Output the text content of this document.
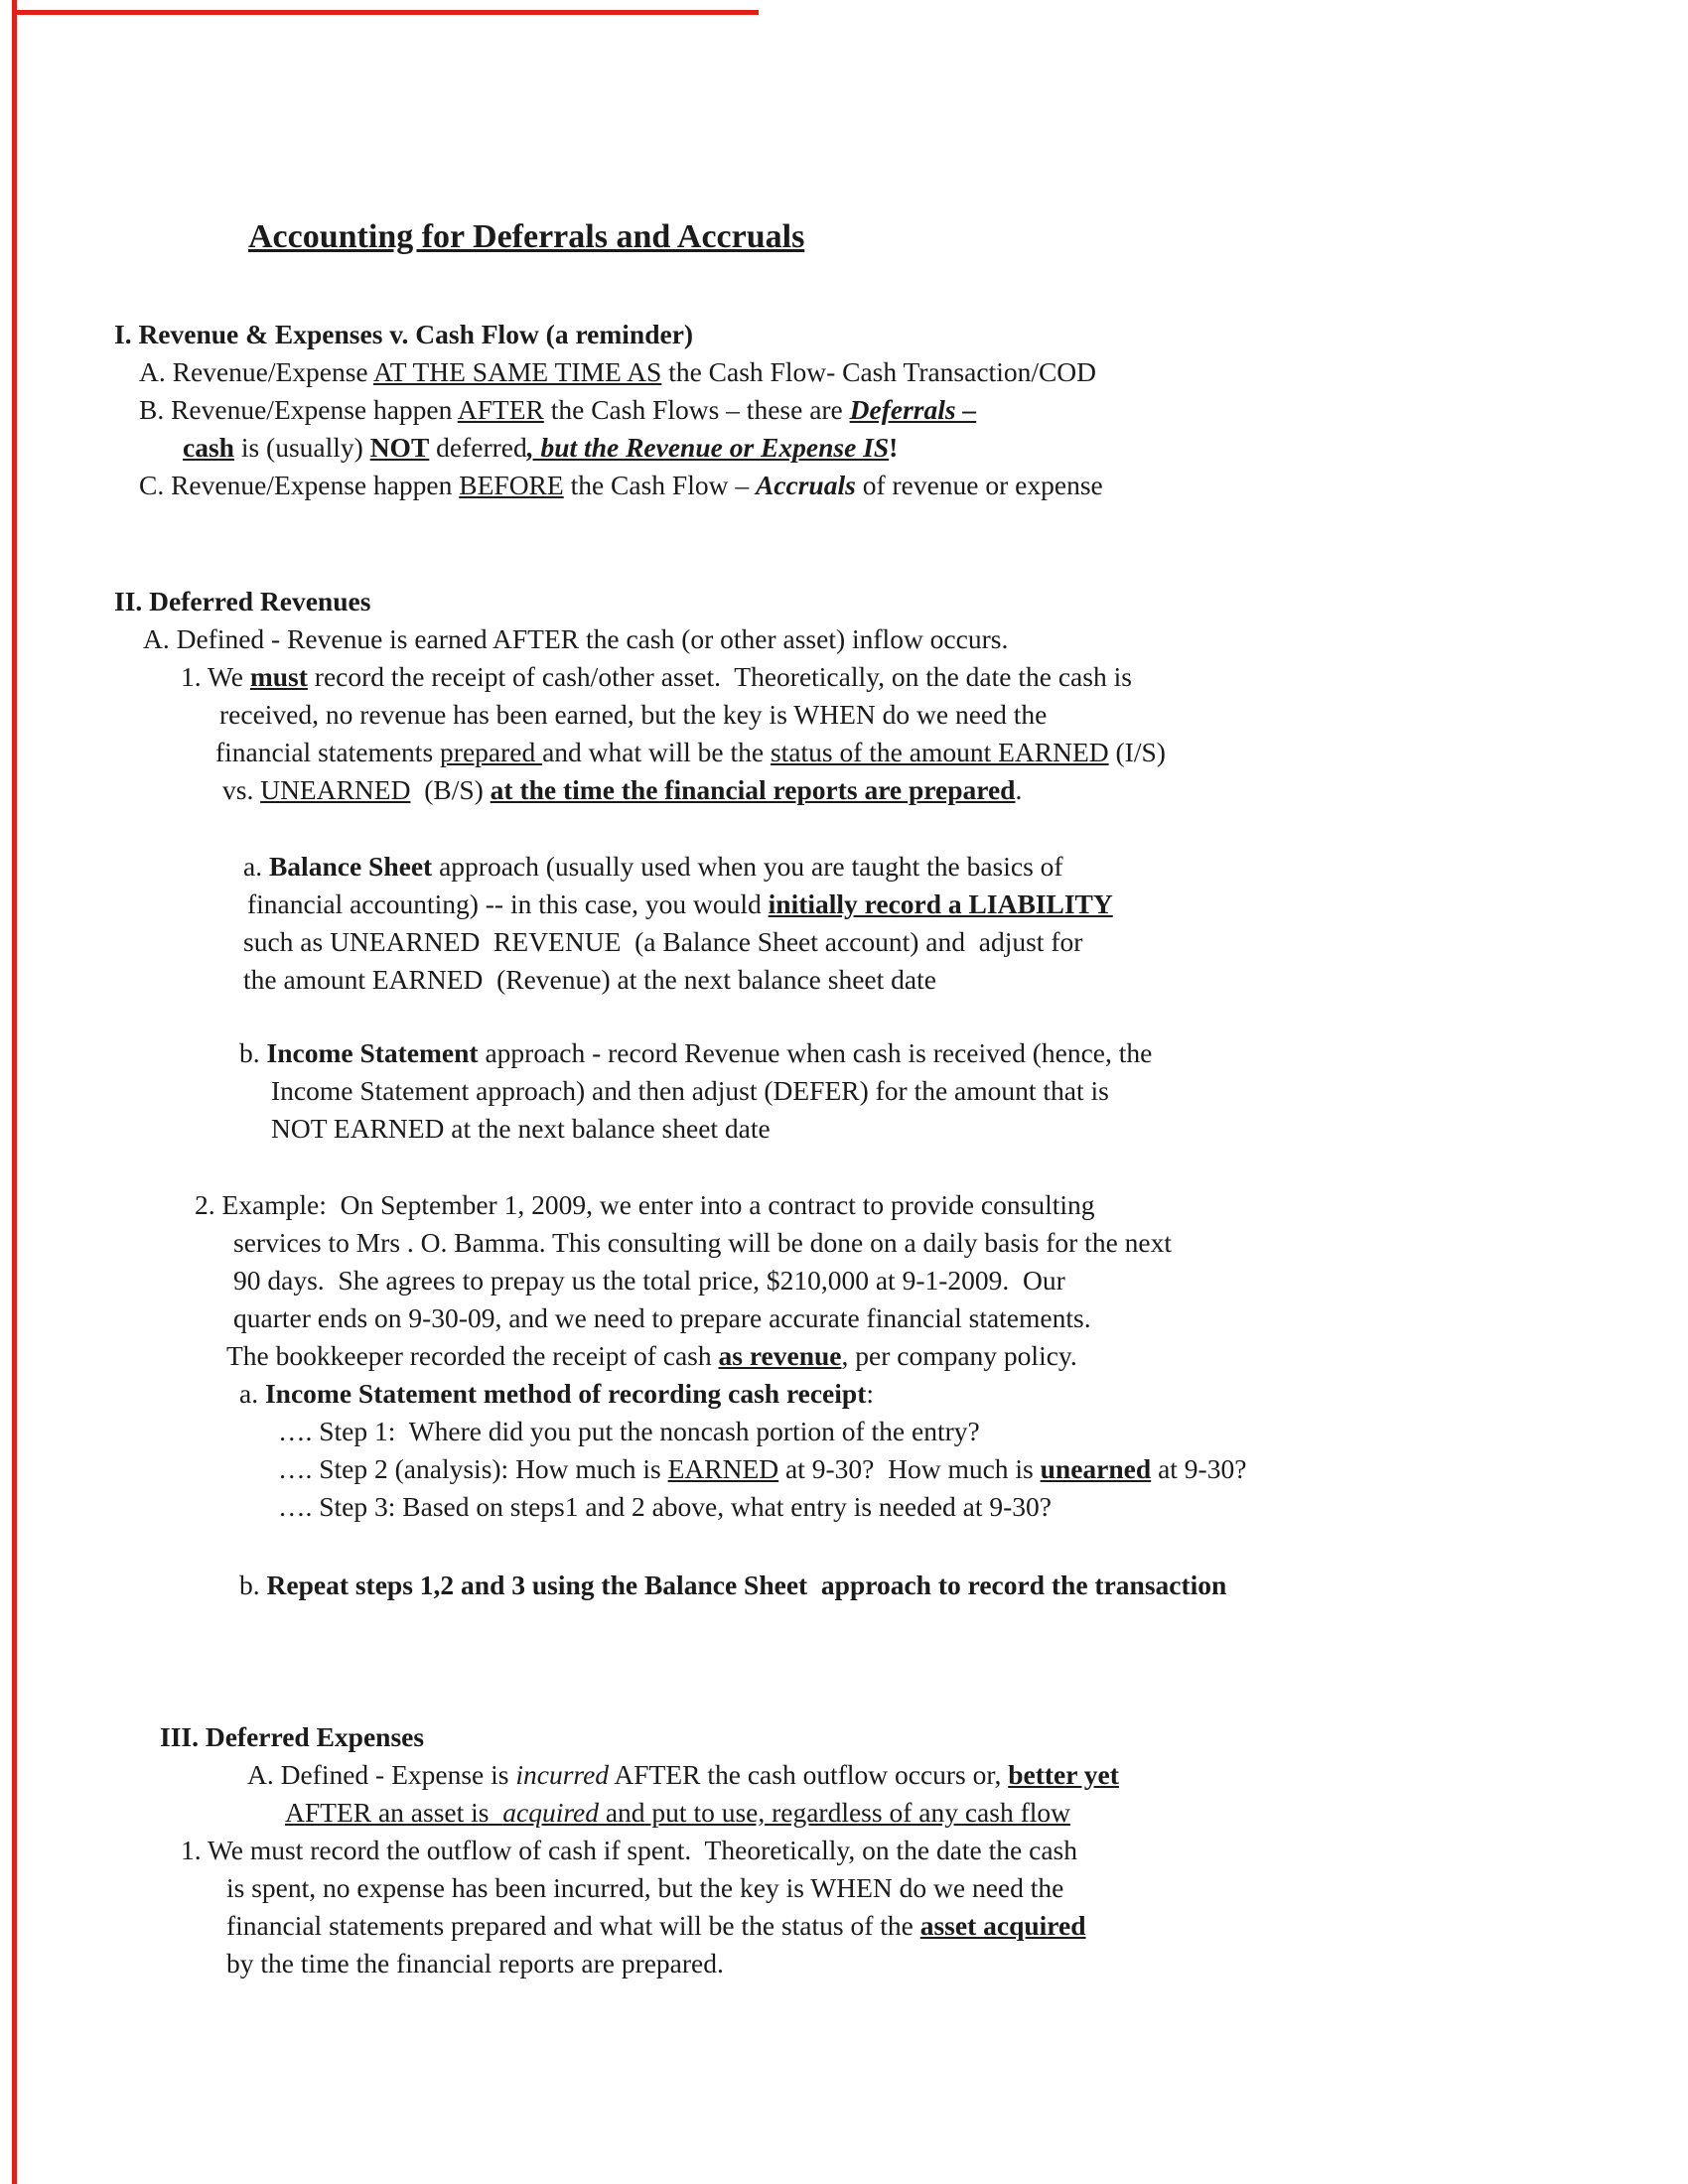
Accounting for Deferrals and Accruals
I. Revenue & Expenses v. Cash Flow (a reminder)
A. Revenue/Expense AT THE SAME TIME AS the Cash Flow- Cash Transaction/COD
B. Revenue/Expense happen AFTER the Cash Flows – these are Deferrals –
cash is (usually) NOT deferred, but the Revenue or Expense IS!
C. Revenue/Expense happen BEFORE the Cash Flow – Accruals of revenue or expense
II. Deferred Revenues
A. Defined - Revenue is earned AFTER the cash (or other asset) inflow occurs.
1. We must record the receipt of cash/other asset.  Theoretically, on the date the cash is
received, no revenue has been earned, but the key is WHEN do we need the
financial statements prepared and what will be the status of the amount EARNED (I/S)
vs. UNEARNED  (B/S) at the time the financial reports are prepared.
a. Balance Sheet approach (usually used when you are taught the basics of
financial accounting) -- in this case, you would initially record a LIABILITY
such as UNEARNED  REVENUE  (a Balance Sheet account) and  adjust for
the amount EARNED  (Revenue) at the next balance sheet date
b. Income Statement approach - record Revenue when cash is received (hence, the
Income Statement approach) and then adjust (DEFER) for the amount that is
NOT EARNED at the next balance sheet date
2. Example:  On September 1, 2009, we enter into a contract to provide consulting
services to Mrs . O. Bamma. This consulting will be done on a daily basis for the next
90 days.  She agrees to prepay us the total price, $210,000 at 9-1-2009.  Our
quarter ends on 9-30-09, and we need to prepare accurate financial statements.
The bookkeeper recorded the receipt of cash as revenue, per company policy.
a. Income Statement method of recording cash receipt:
…. Step 1:  Where did you put the noncash portion of the entry?
…. Step 2 (analysis): How much is EARNED at 9-30?  How much is unearned at 9-30?
…. Step 3: Based on steps1 and 2 above, what entry is needed at 9-30?
b. Repeat steps 1,2 and 3 using the Balance Sheet  approach to record the transaction
III. Deferred Expenses
A. Defined - Expense is incurred AFTER the cash outflow occurs or, better yet
AFTER an asset is  acquired and put to use, regardless of any cash flow
1. We must record the outflow of cash if spent.  Theoretically, on the date the cash
is spent, no expense has been incurred, but the key is WHEN do we need the
financial statements prepared and what will be the status of the asset acquired
by the time the financial reports are prepared.
